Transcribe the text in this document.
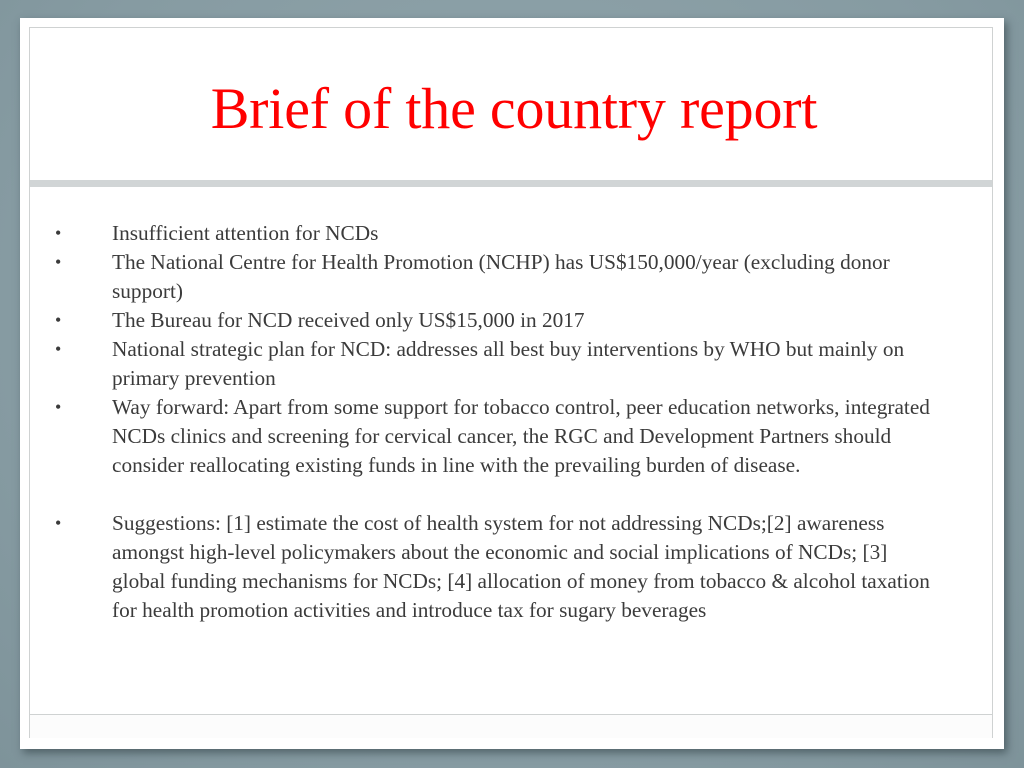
Brief of the country report
•	Insufficient attention for NCDs
•	The National Centre for Health Promotion (NCHP) has US$150,000/year (excluding donor support)
•	The Bureau for NCD received only US$15,000 in 2017
•	National strategic plan for NCD: addresses all best buy interventions by WHO but mainly on primary prevention
•	Way forward: Apart from some support for tobacco control, peer education networks, integrated NCDs clinics and screening for cervical cancer, the RGC and Development Partners should consider reallocating existing funds in line with the prevailing burden of disease.
•	Suggestions: [1] estimate the cost of health system for not addressing NCDs;[2] awareness amongst high-level policymakers about the economic and social implications of NCDs; [3] global funding mechanisms for NCDs; [4] allocation of money from tobacco & alcohol taxation for health promotion activities and introduce tax for sugary beverages
